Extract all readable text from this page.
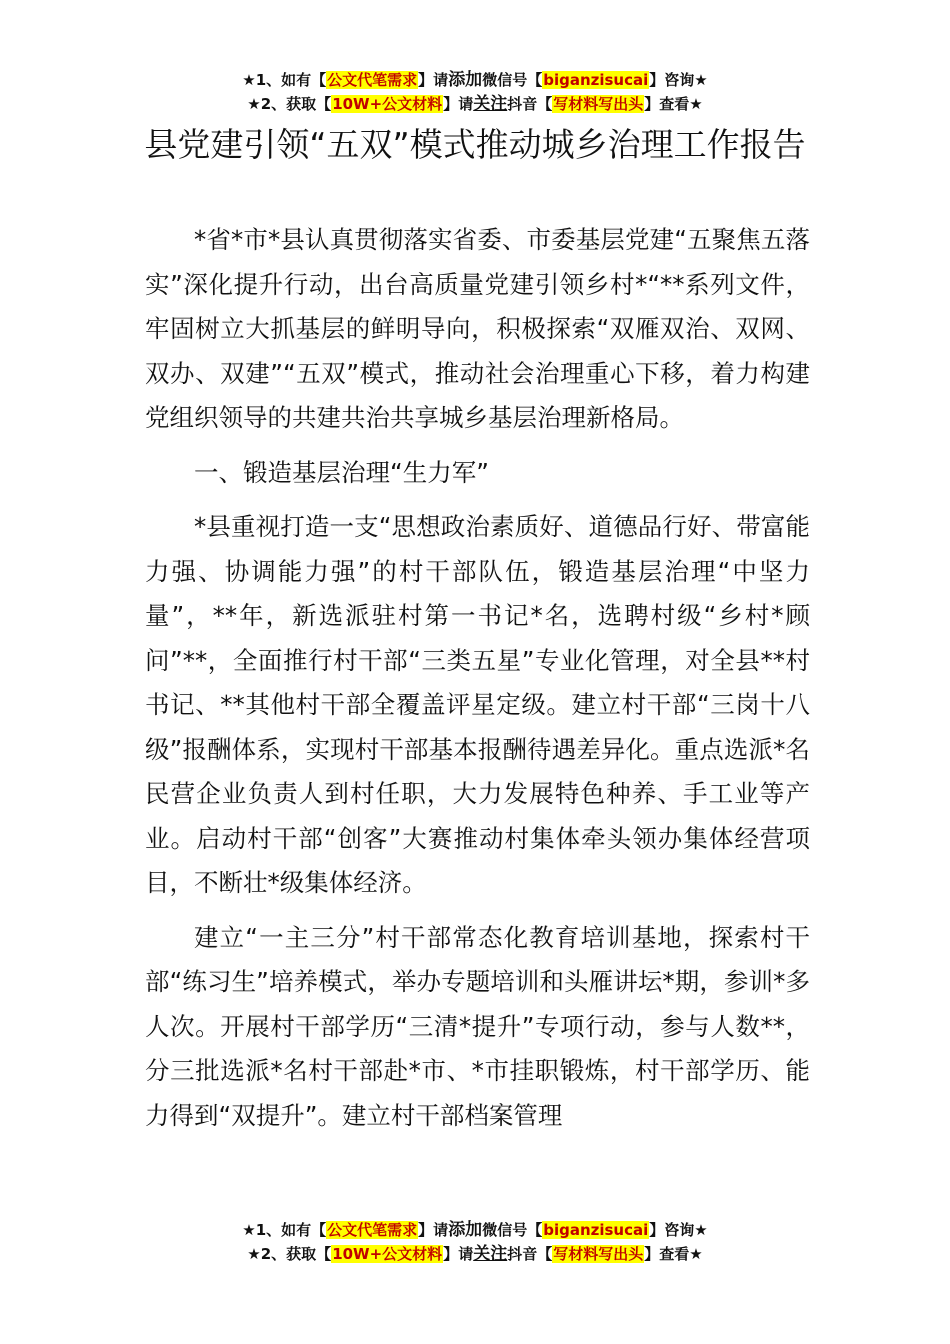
★1、如有【公文代笔需求】请添加微信号【biganzisucai】咨询★
★2、获取【10W+公文材料】请关注抖音【写材料写出头】查看★
县党建引领“五双”模式推动城乡治理工作报告

*省*市*县认真贯彻落实省委、市委基层党建“五聚焦五落实”深化提升行动，出台高质量党建引领乡村*“**系列文件，牢固树立大抓基层的鲜明导向，积极探索“双雁双治、双网、双办、双建”“五双”模式，推动社会治理重心下移，着力构建党组织领导的共建共治共享城乡基层治理新格局。

一、锻造基层治理“生力军”

*县重视打造一支“思想政治素质好、道德品行好、带富能力强、协调能力强”的村干部队伍，锻造基层治理“中坚力量”，**年，新选派驻村第一书记*名，选聘村级“乡村*顾问”**，全面推行村干部“三类五星”专业化管理，对全县**村书记、**其他村干部全覆盖评星定级。建立村干部“三岗十八级”报酬体系，实现村干部基本报酬待遇差异化。重点选派*名民营企业负责人到村任职，大力发展特色种养、手工业等产业。启动村干部“创客”大赛推动村集体牵头领办集体经营项目，不断壮*级集体经济。

建立“一主三分”村干部常态化教育培训基地，探索村干部“练习生”培养模式，举办专题培训和头雁讲坛*期，参训*多人次。开展村干部学历“三清*提升”专项行动，参与人数**，分三批选派*名村干部赴*市、*市挂职锻炼，村干部学历、能力得到“双提升”。建立村干部档案管理

★1、如有【公文代笔需求】请添加微信号【biganzisucai】咨询★
★2、获取【10W+公文材料】请关注抖音【写材料写出头】查看★
